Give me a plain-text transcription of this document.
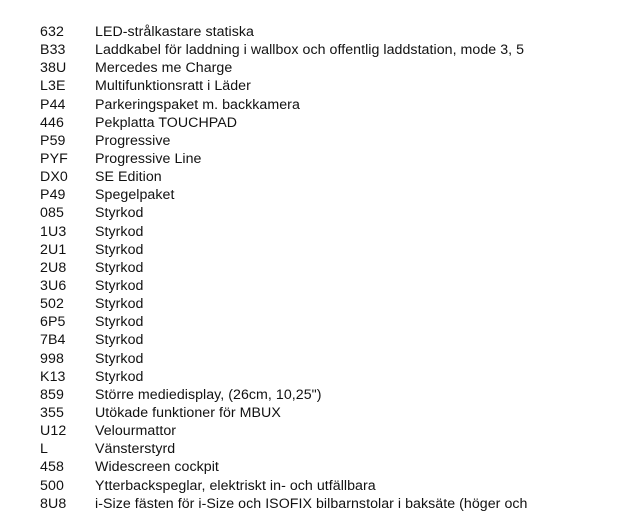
632 LED-strålkastare statiska
B33 Laddkabel för laddning i wallbox och offentlig laddstation, mode 3, 5
38U Mercedes me Charge
L3E Multifunktionsratt i Läder
P44 Parkeringspaket m. backkamera
446 Pekplatta TOUCHPAD
P59 Progressive
PYF Progressive Line
DX0 SE Edition
P49 Spegelpaket
085 Styrkod
1U3 Styrkod
2U1 Styrkod
2U8 Styrkod
3U6 Styrkod
502 Styrkod
6P5 Styrkod
7B4 Styrkod
998 Styrkod
K13 Styrkod
859 Större mediedisplay, (26cm, 10,25")
355 Utökade funktioner för MBUX
U12 Velourmattor
L	Vänsterstyrd
458 Widescreen cockpit
500 Ytterbackspeglar, elektriskt in- och utfällbara
8U8 i-Size fästen för i-Size och ISOFIX bilbarnstolar i baksäte (höger och
